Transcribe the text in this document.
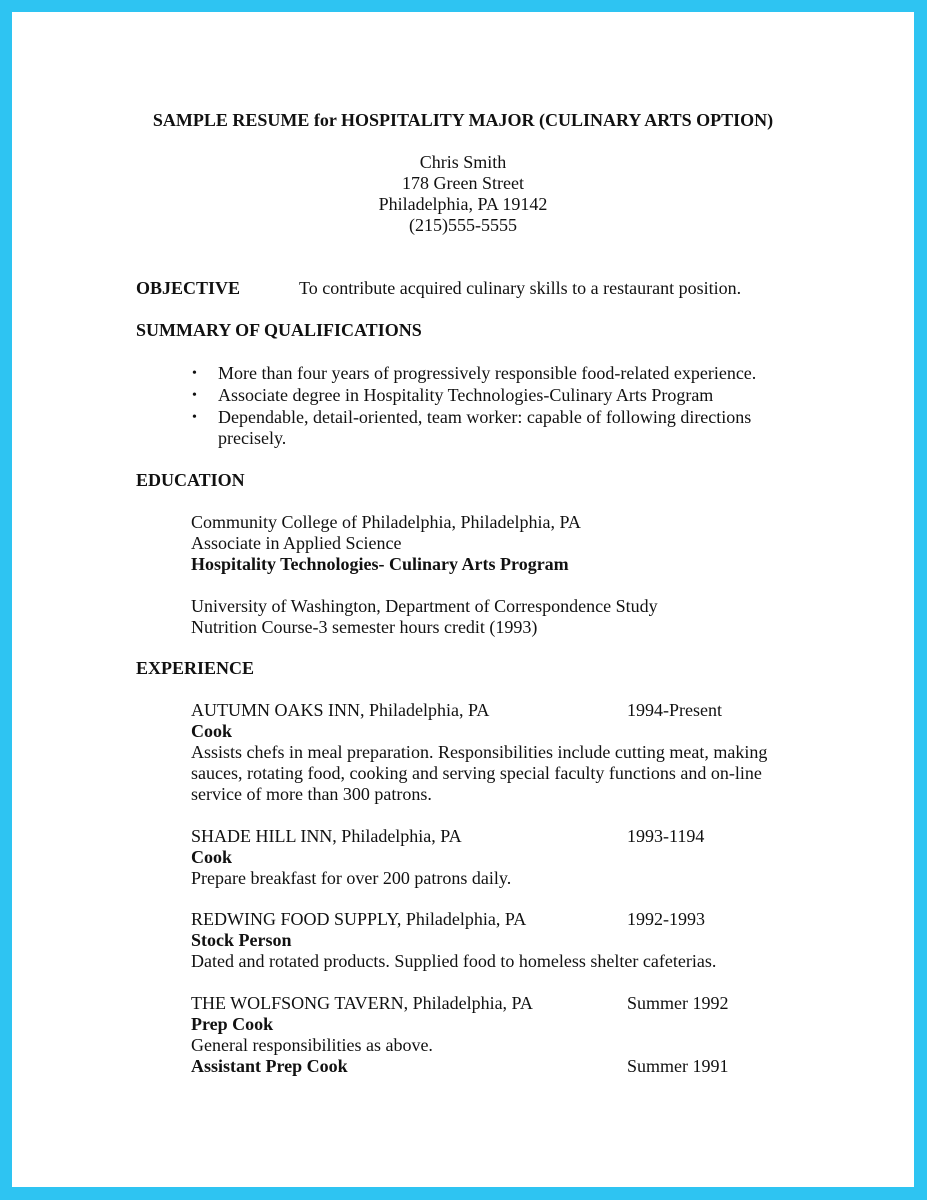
SAMPLE RESUME for HOSPITALITY MAJOR (CULINARY ARTS OPTION)
Chris Smith
178 Green Street
Philadelphia, PA 19142
(215)555-5555
OBJECTIVE	To contribute acquired culinary skills to a restaurant position.
SUMMARY OF QUALIFICATIONS
• More than four years of progressively responsible food-related experience.
• Associate degree in Hospitality Technologies-Culinary Arts Program
• Dependable, detail-oriented, team worker: capable of following directions
precisely.
EDUCATION
Community College of Philadelphia, Philadelphia, PA
Associate in Applied Science
Hospitality Technologies- Culinary Arts Program
University of Washington, Department of Correspondence Study
Nutrition Course-3 semester hours credit (1993)
EXPERIENCE
AUTUMN OAKS INN, Philadelphia, PA	1994-Present
Cook
Assists chefs in meal preparation. Responsibilities include cutting meat, making
sauces, rotating food, cooking and serving special faculty functions and on-line
service of more than 300 patrons.
SHADE HILL INN, Philadelphia, PA	1993-1194
Cook
Prepare breakfast for over 200 patrons daily.
REDWING FOOD SUPPLY, Philadelphia, PA	1992-1993
Stock Person
Dated and rotated products. Supplied food to homeless shelter cafeterias.
THE WOLFSONG TAVERN, Philadelphia, PA	Summer 1992
Prep Cook
General responsibilities as above.
Assistant Prep Cook	Summer 1991
